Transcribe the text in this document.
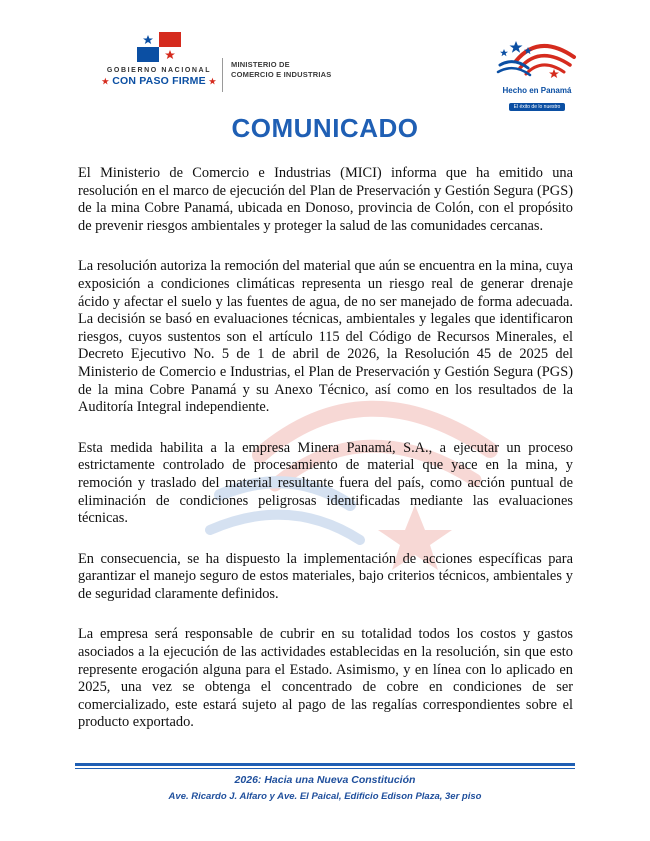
GOBIERNO NACIONAL
★ CON PASO FIRME ★
MINISTERIO DE
COMERCIO E INDUSTRIAS
Hecho en Panamá
El éxito de lo nuestro
COMUNICADO

El Ministerio de Comercio e Industrias (MICI) informa que ha emitido una resolución en el marco de ejecución del Plan de Preservación y Gestión Segura (PGS) de la mina Cobre Panamá, ubicada en Donoso, provincia de Colón, con el propósito de prevenir riesgos ambientales y proteger la salud de las comunidades cercanas.

La resolución autoriza la remoción del material que aún se encuentra en la mina, cuya exposición a condiciones climáticas representa un riesgo real de generar drenaje ácido y afectar el suelo y las fuentes de agua, de no ser manejado de forma adecuada. La decisión se basó en evaluaciones técnicas, ambientales y legales que identificaron riesgos, cuyos sustentos son el artículo 115 del Código de Recursos Minerales, el Decreto Ejecutivo No. 5 de 1 de abril de 2026, la Resolución 45 de 2025 del Ministerio de Comercio e Industrias, el Plan de Preservación y Gestión Segura (PGS) de la mina Cobre Panamá y su Anexo Técnico, así como en los resultados de la Auditoría Integral independiente.

Esta medida habilita a la empresa Minera Panamá, S.A., a ejecutar un proceso estrictamente controlado de procesamiento de material que yace en la mina, y remoción y traslado del material resultante fuera del país, como acción puntual de eliminación de condiciones peligrosas identificadas mediante las evaluaciones técnicas.

En consecuencia, se ha dispuesto la implementación de acciones específicas para garantizar el manejo seguro de estos materiales, bajo criterios técnicos, ambientales y de seguridad claramente definidos.

La empresa será responsable de cubrir en su totalidad todos los costos y gastos asociados a la ejecución de las actividades establecidas en la resolución, sin que esto represente erogación alguna para el Estado. Asimismo, y en línea con lo aplicado en 2025, una vez se obtenga el concentrado de cobre en condiciones de ser comercializado, este estará sujeto al pago de las regalías correspondientes sobre el producto exportado.

2026: Hacia una Nueva Constitución
Ave. Ricardo J. Alfaro y Ave. El Paical, Edificio Edison Plaza, 3er piso
